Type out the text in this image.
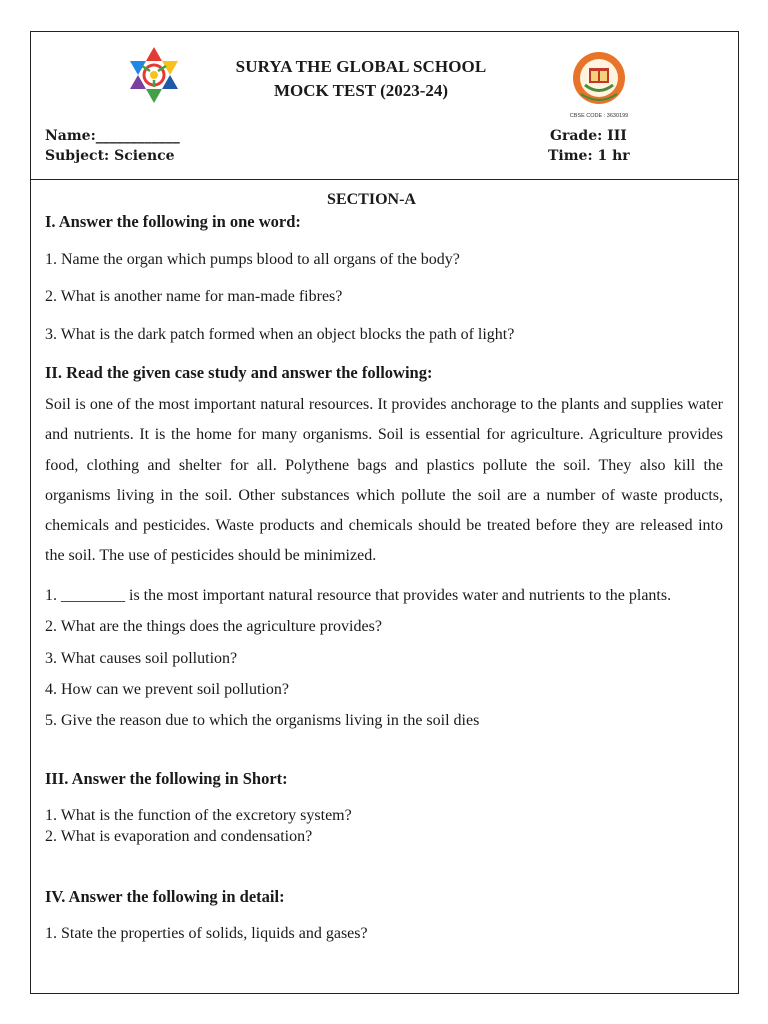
SURYA THE GLOBAL SCHOOL
MOCK TEST (2023-24)
CBSE CODE : 3630199
Name:____________
Subject: Science
Grade: III
Time: 1 hr
SECTION-A
I. Answer the following in one word:
1. Name the organ which pumps blood to all organs of the body?
2. What is another name for man-made fibres?
3. What is the dark patch formed when an object blocks the path of light?
II. Read the given case study and answer the following:
Soil is one of the most important natural resources. It provides anchorage to the plants and supplies water and nutrients. It is the home for many organisms. Soil is essential for agriculture. Agriculture provides food, clothing and shelter for all. Polythene bags and plastics pollute the soil. They also kill the organisms living in the soil. Other substances which pollute the soil are a number of waste products, chemicals and pesticides. Waste products and chemicals should be treated before they are released into the soil. The use of pesticides should be minimized.
1. ________ is the most important natural resource that provides water and nutrients to the plants.
2. What are the things does the agriculture provides?
3. What causes soil pollution?
4. How can we prevent soil pollution?
5. Give the reason due to which the organisms living in the soil dies
III. Answer the following in Short:
1. What is the function of the excretory system?
2. What is evaporation and condensation?
IV. Answer the following in detail:
1. State the properties of solids, liquids and gases?
